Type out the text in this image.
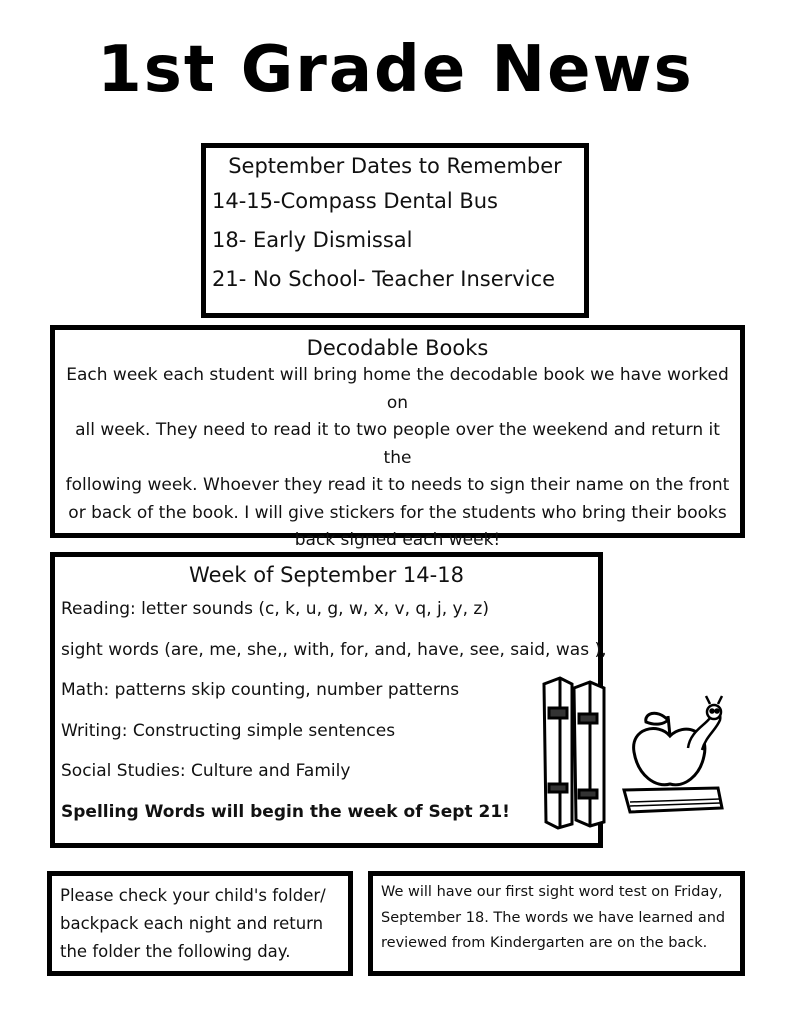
1st Grade News
September Dates to Remember
14-15-Compass Dental Bus
18- Early Dismissal
21- No School- Teacher Inservice
Decodable Books
Each week each student will bring home the decodable book we have worked on
all week. They need to read it to two people over the weekend and return it the
following week. Whoever they read it to needs to sign their name on the front
or back of the book. I will give stickers for the students who bring their books
back signed each week!
Week of September 14-18
Reading: letter sounds (c, k, u, g, w, x, v, q, j, y, z)
sight words (are, me, she,, with, for, and, have, see, said, was ),
Math: patterns skip counting, number patterns
Writing: Constructing simple sentences
Social Studies: Culture and Family
Spelling Words will begin the week of Sept 21!
Please check your child's folder/
backpack each night and return
the folder the following day.
We will have our first sight word test on Friday,
September 18. The words we have learned and
reviewed from Kindergarten are on the back.
